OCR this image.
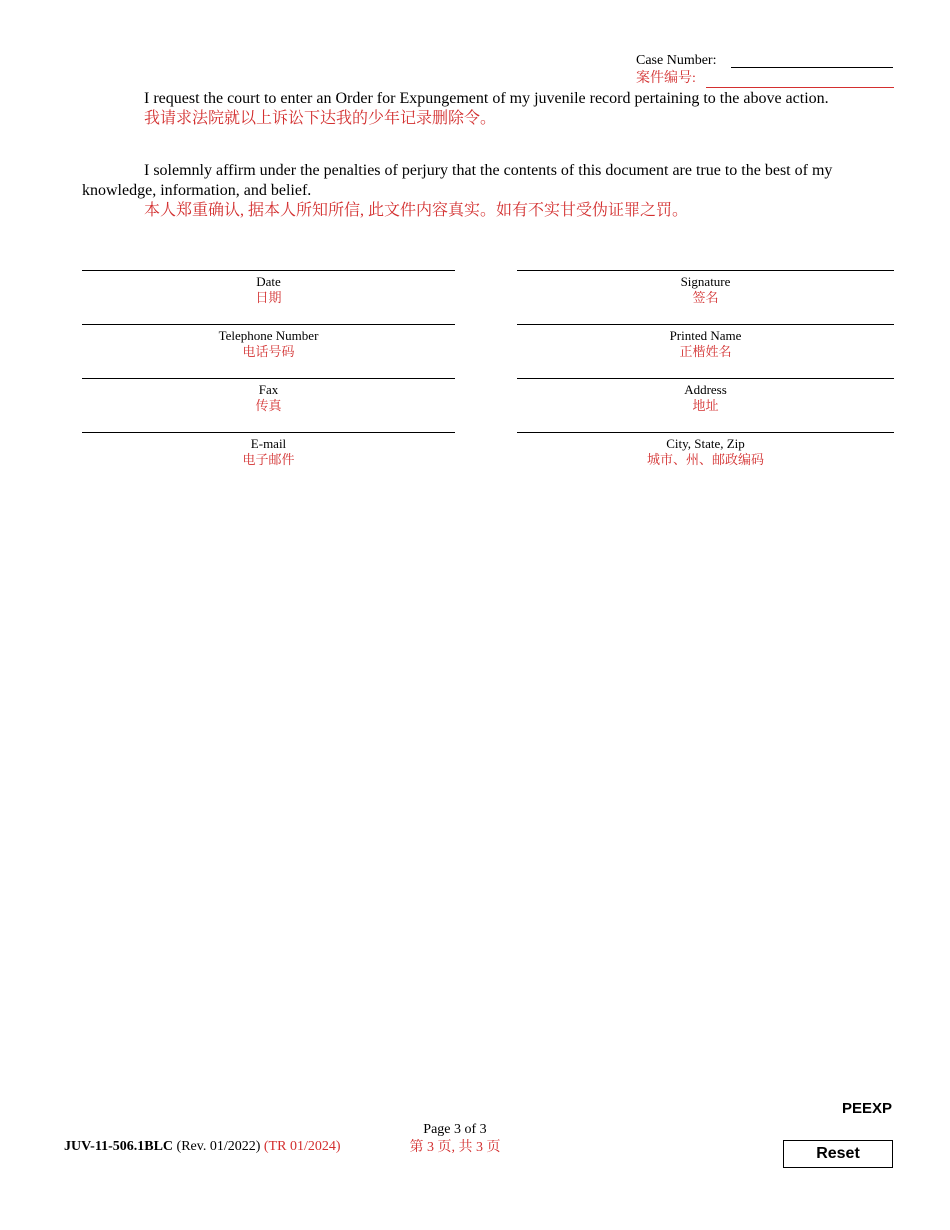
Case Number:
案件编号:
I request the court to enter an Order for Expungement of my juvenile record pertaining to the above action.
我请求法院就以上诉讼下达我的少年记录删除令。
I solemnly affirm under the penalties of perjury that the contents of this document are true to the best of my
knowledge, information, and belief.
本人郑重确认, 据本人所知所信, 此文件内容真实。如有不实甘受伪证罪之罚。
Date
日期
Telephone Number
电话号码
Fax
传真
E-mail
电子邮件
Signature
签名
Printed Name
正楷姓名
Address
地址
City, State, Zip
城市、州、邮政编码
PEEXP
Page 3 of 3
第 3 页, 共 3 页
JUV-11-506.1BLC (Rev. 01/2022) (TR 01/2024)	Reset
